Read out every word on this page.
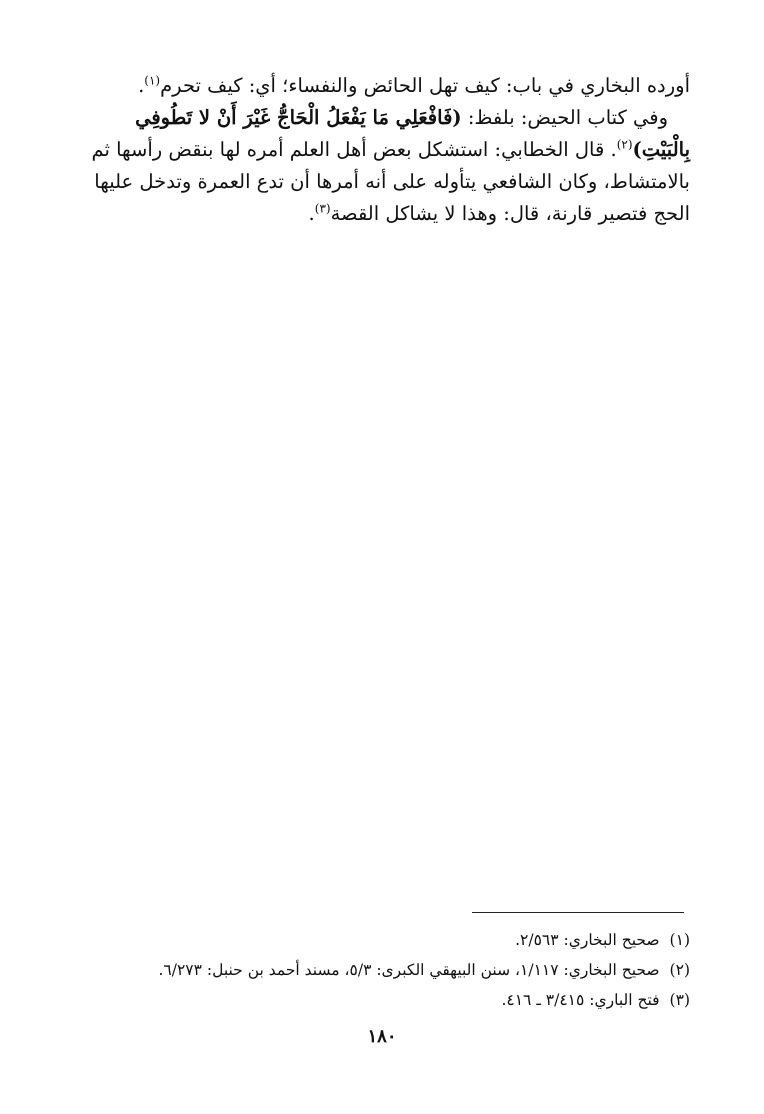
أورده البخاري في باب: كيف تهل الحائض والنفساء؛ أي: كيف تحرم$^{(١)}$.
وفي كتاب الحيض: بلفظ: (فَافْعَلِي مَا يَفْعَلُ الْحَاجُّ غَيْرَ أَنْ لا تَطُوفِي
بِالْبَيْتِ)$^{(٢)}$. قال الخطابي: استشكل بعض أهل العلم أمره لها بنقض رأسها ثم
بالامتشاط، وكان الشافعي يتأوله على أنه أمرها أن تدع العمرة وتدخل عليها
الحج فتصير قارنة، قال: وهذا لا يشاكل القصة$^{(٣)}$.
(١)صحيح البخاري: ٢/٥٦٣.
(٢)صحيح البخاري: ١/١١٧، سنن البيهقي الكبرى: ٥/٣، مسند أحمد بن حنبل: ٦/٢٧٣.
(٣)فتح الباري: ٣/٤١٥ ـ ٤١٦.
١٨٠
